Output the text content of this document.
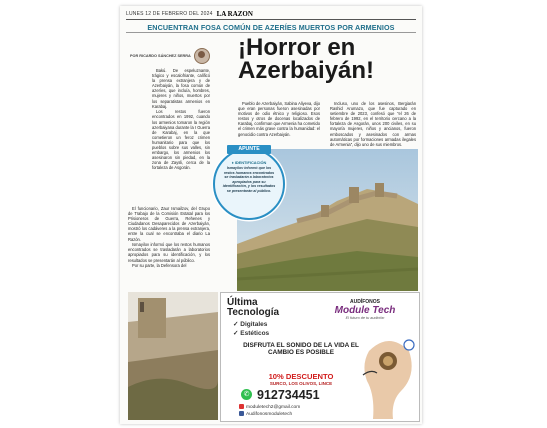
LUNES 12 DE FEBRERO DEL 2024 LA RAZON
ENCUENTRAN FOSA COMÚN DE AZERÍES MUERTOS POR ARMENIOS
POR RICARDO SÁNCHEZ SERRA ¡Horror en Azerbaiyán!

Bakú. De espeluznante, trágico y escalofriante, calificó la prensa extranjera y de Azerbaiyán, la fosa común de azeríes, que incluía, hombres, mujeres y niños, muertos por los separatistas armenios en Karabaj.

Los restos fueron encontrados en 1992, cuando los armenios tomaron la región azerbaiyana durante la I Guerra de Karabaj, en la que cometieron un feroz crimen humanitario para que los pueblos sobre sus valles, sin embargo, los armenios los asesinaron sin piedad, en la zona de Zaysli, cerca de la fortaleza de Asgorán.

El funcionario, Zaur Ismailzov, del Grupo de Trabajo de la Comisión Estatal para los Prisioneros de Guerra, Rehenes y Ciudadanos Desaparecidos de Azerbaiyán, mostró los cadáveres a la prensa extranjera, entre la cual se encontraba el diario La Razón.

Ismayilov informó que los restos humanos encontrados se trasladarán a laboratorios apropiados para su identificación, y los resultados se presentarán al público.

Por su parte, la Defensora del

Pueblo de Azerbaiyán, Sabina Aliyeva, dijo que eran personas fueron asesinadas por motivos de odio étnico y religioso. Esos restos y otros de docenas localizados de Karabaj, confirman que Armenia ha cometido el crimen más grave contra la humanidad: el genocidio contra Azerbaiyán.

Incluso, uno de los asesinos, Bergiarán Rashid Arumazo, que fue capturado en setiembre de 2023, confesó que "el 26 de febrero de 1992, en el territorio cercano a la fortaleza de Asgorán, unos 200 civiles, en su mayoría mujeres, niños y ancianos, fueron emboscados y asesinados con armas automáticas por formaciones armadas ilegales de Armenia", dijo uno de sus miembros.

APUNTE
♦ IDENTIFICACIÓN
Ismayilov informó que los restos humanos encontrados se trasladarán a laboratorios apropiados para su identificación, y los resultados se presentarán al público.
Última
Tecnología
✓ Digitales
✓ Estéticos
AUDÍFONOS
Module Tech
El futuro de tu audición
DISFRUTA EL SONIDO DE LA VIDA EL CAMBIO ES POSIBLE
10% DESCUENTO
SURCO, LOS OLIVOS, LINCE
✆ 912734451
moduletech2@gmail.com
Audifonosmoduletech
